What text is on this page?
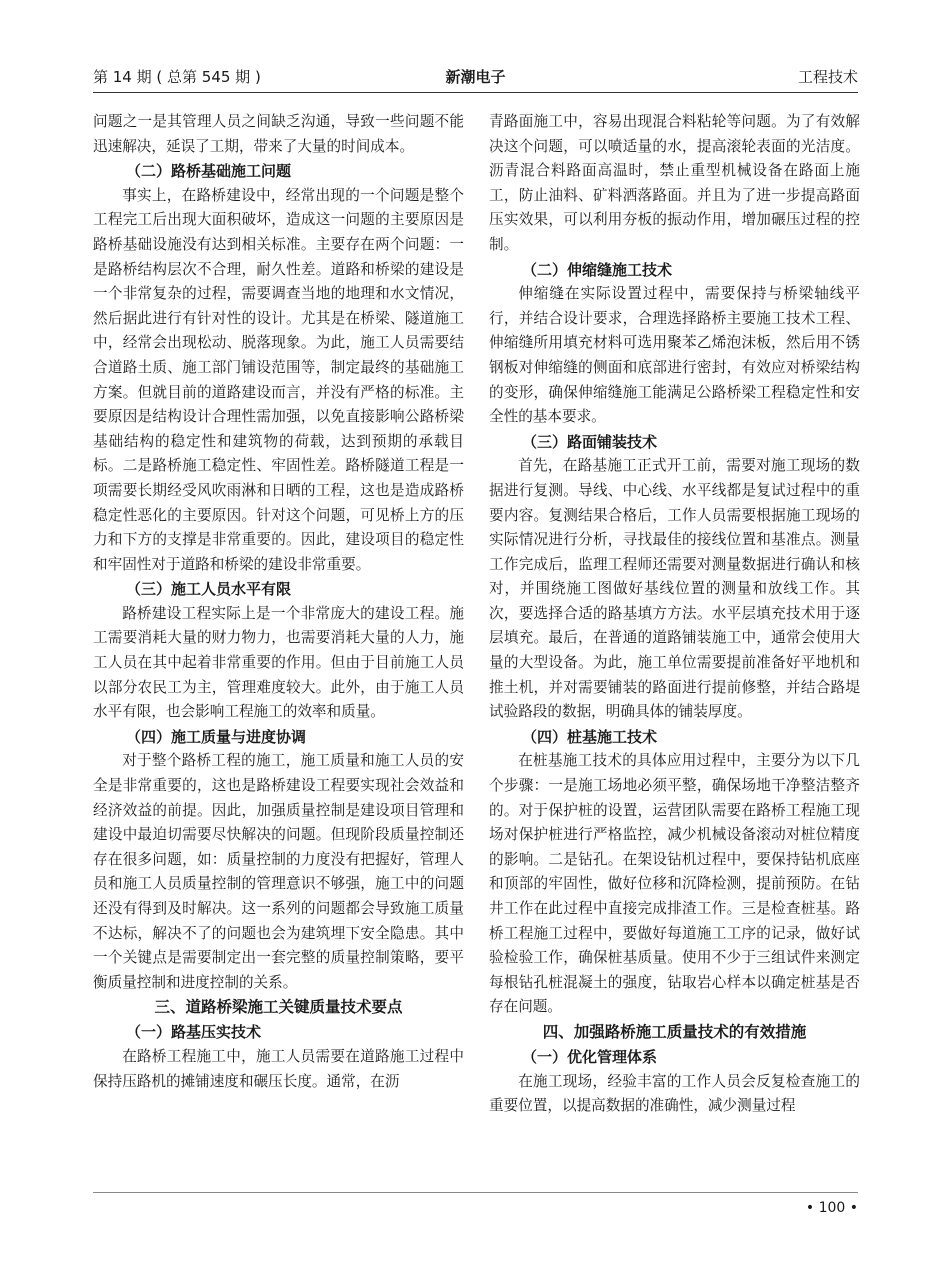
第 14 期 ( 总第 545 期 )	新潮电子	工程技术

问题之一是其管理人员之间缺乏沟通，导致一些问题不能迅速解决，延误了工期，带来了大量的时间成本。

（二）路桥基础施工问题

事实上，在路桥建设中，经常出现的一个问题是整个工程完工后出现大面积破坏，造成这一问题的主要原因是路桥基础设施没有达到相关标准。主要存在两个问题：一是路桥结构层次不合理，耐久性差。道路和桥梁的建设是一个非常复杂的过程，需要调查当地的地理和水文情况，然后据此进行有针对性的设计。尤其是在桥梁、隧道施工中，经常会出现松动、脱落现象。为此，施工人员需要结合道路土质、施工部门铺设范围等，制定最终的基础施工方案。但就目前的道路建设而言，并没有严格的标准。主要原因是结构设计合理性需加强，以免直接影响公路桥梁基础结构的稳定性和建筑物的荷载，达到预期的承载目标。二是路桥施工稳定性、牢固性差。路桥隧道工程是一项需要长期经受风吹雨淋和日晒的工程，这也是造成路桥稳定性恶化的主要原因。针对这个问题，可见桥上方的压力和下方的支撑是非常重要的。因此，建设项目的稳定性和牢固性对于道路和桥梁的建设非常重要。

（三）施工人员水平有限

路桥建设工程实际上是一个非常庞大的建设工程。施工需要消耗大量的财力物力，也需要消耗大量的人力，施工人员在其中起着非常重要的作用。但由于目前施工人员以部分农民工为主，管理难度较大。此外，由于施工人员水平有限，也会影响工程施工的效率和质量。

（四）施工质量与进度协调

对于整个路桥工程的施工，施工质量和施工人员的安全是非常重要的，这也是路桥建设工程要实现社会效益和经济效益的前提。因此，加强质量控制是建设项目管理和建设中最迫切需要尽快解决的问题。但现阶段质量控制还存在很多问题，如：质量控制的力度没有把握好，管理人员和施工人员质量控制的管理意识不够强，施工中的问题还没有得到及时解决。这一系列的问题都会导致施工质量不达标，解决不了的问题也会为建筑埋下安全隐患。其中一个关键点是需要制定出一套完整的质量控制策略，要平衡质量控制和进度控制的关系。

三、道路桥梁施工关键质量技术要点
（一）路基压实技术

在路桥工程施工中，施工人员需要在道路施工过程中保持压路机的摊铺速度和碾压长度。通常，在沥

青路面施工中，容易出现混合料粘轮等问题。为了有效解决这个问题，可以喷适量的水，提高滚轮表面的光洁度。沥青混合料路面高温时，禁止重型机械设备在路面上施工，防止油料、矿料洒落路面。并且为了进一步提高路面压实效果，可以利用夯板的振动作用，增加碾压过程的控制。

（二）伸缩缝施工技术

伸缩缝在实际设置过程中，需要保持与桥梁轴线平行，并结合设计要求，合理选择路桥主要施工技术工程、伸缩缝所用填充材料可选用聚苯乙烯泡沫板，然后用不锈钢板对伸缩缝的侧面和底部进行密封，有效应对桥梁结构的变形，确保伸缩缝施工能满足公路桥梁工程稳定性和安全性的基本要求。

（三）路面铺装技术

首先，在路基施工正式开工前，需要对施工现场的数据进行复测。导线、中心线、水平线都是复试过程中的重要内容。复测结果合格后，工作人员需要根据施工现场的实际情况进行分析，寻找最佳的接线位置和基准点。测量工作完成后，监理工程师还需要对测量数据进行确认和核对，并围绕施工图做好基线位置的测量和放线工作。其次，要选择合适的路基填方方法。水平层填充技术用于逐层填充。最后，在普通的道路铺装施工中，通常会使用大量的大型设备。为此，施工单位需要提前准备好平地机和推土机，并对需要铺装的路面进行提前修整，并结合路堤试验路段的数据，明确具体的铺装厚度。

（四）桩基施工技术

在桩基施工技术的具体应用过程中，主要分为以下几个步骤：一是施工场地必须平整，确保场地干净整洁整齐的。对于保护桩的设置，运营团队需要在路桥工程施工现场对保护桩进行严格监控，减少机械设备滚动对桩位精度的影响。二是钻孔。在架设钻机过程中，要保持钻机底座和顶部的牢固性，做好位移和沉降检测，提前预防。在钻井工作在此过程中直接完成排渣工作。三是检查桩基。路桥工程施工过程中，要做好每道施工工序的记录，做好试验检验工作，确保桩基质量。使用不少于三组试件来测定每根钻孔桩混凝土的强度，钻取岩心样本以确定桩基是否存在问题。

四、加强路桥施工质量技术的有效措施
（一）优化管理体系

在施工现场，经验丰富的工作人员会反复检查施工的重要位置，以提高数据的准确性，减少测量过程

• 100 •
